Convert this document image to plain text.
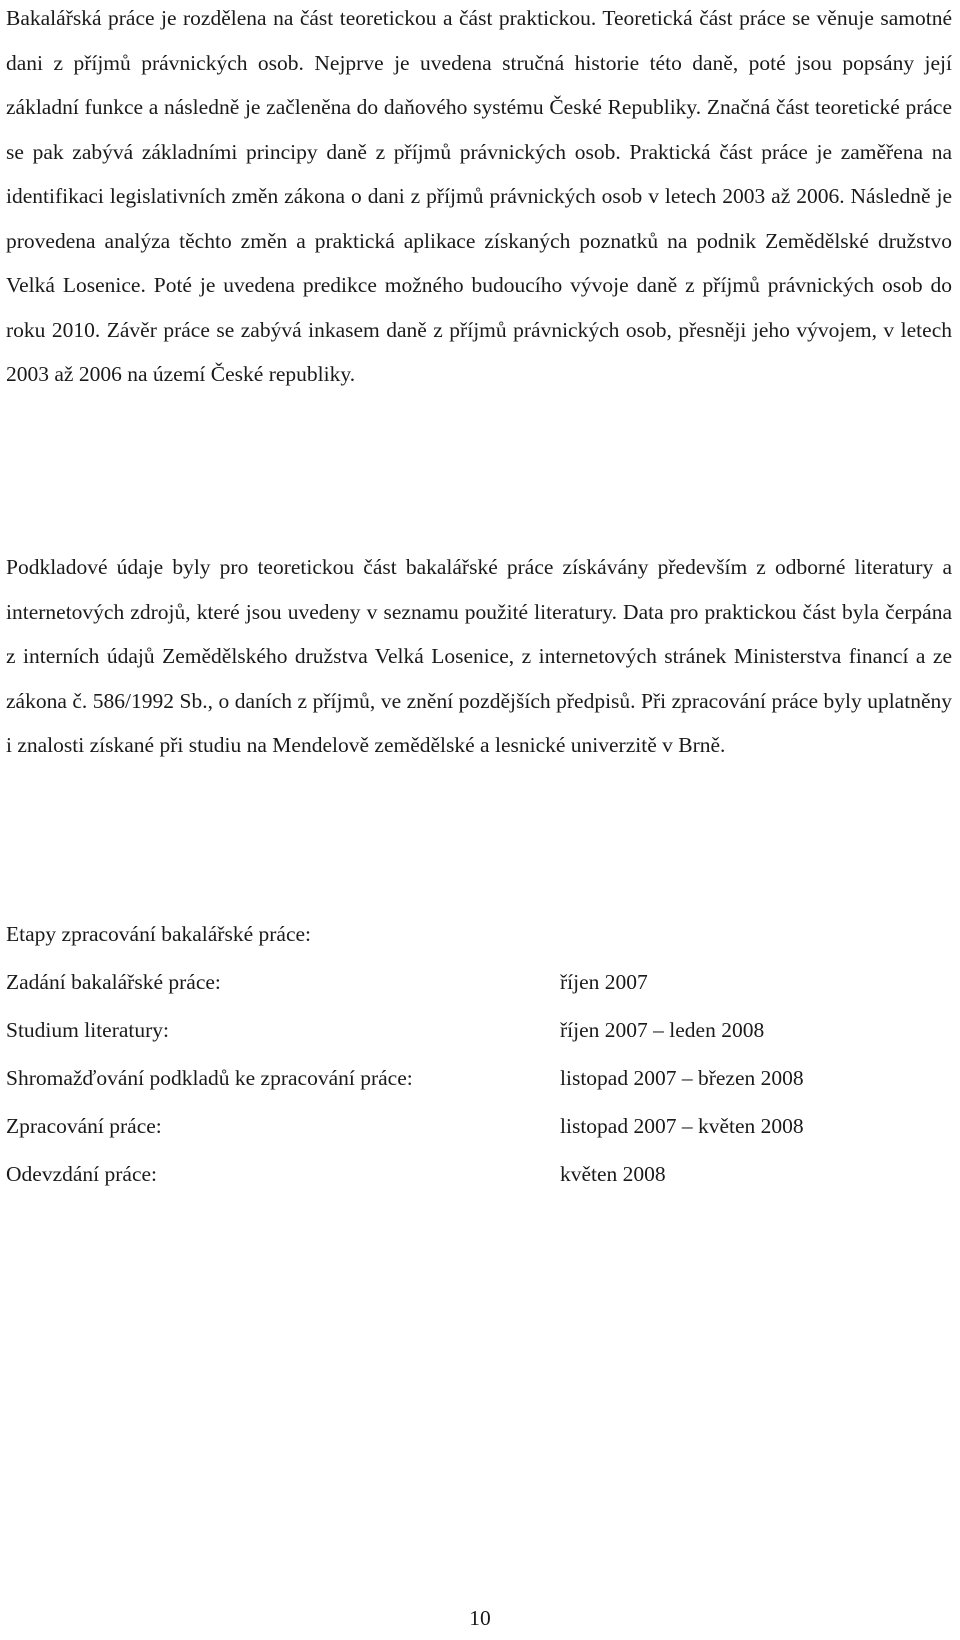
Bakalářská práce je rozdělena na část teoretickou a část praktickou. Teoretická část práce se věnuje samotné dani z příjmů právnických osob. Nejprve je uvedena stručná historie této daně, poté jsou popsány její základní funkce a následně je začleněna do daňového systému České Republiky. Značná část teoretické práce se pak zabývá základními principy daně z příjmů právnických osob. Praktická část práce je zaměřena na identifikaci legislativních změn zákona o dani z příjmů právnických osob v letech 2003 až 2006. Následně je provedena analýza těchto změn a praktická aplikace získaných poznatků na podnik Zemědělské družstvo Velká Losenice. Poté je uvedena predikce možného budoucího vývoje daně z příjmů právnických osob do roku 2010. Závěr práce se zabývá inkasem daně z příjmů právnických osob, přesněji jeho vývojem, v letech 2003 až 2006 na území České republiky.

Podkladové údaje byly pro teoretickou část bakalářské práce získávány především z odborné literatury a internetových zdrojů, které jsou uvedeny v seznamu použité literatury. Data pro praktickou část byla čerpána z interních údajů Zemědělského družstva Velká Losenice, z internetových stránek Ministerstva financí a ze zákona č. 586/1992 Sb., o daních z příjmů, ve znění pozdějších předpisů. Při zpracování práce byly uplatněny i znalosti získané při studiu na Mendelově zemědělské a lesnické univerzitě v Brně.

Etapy zpracování bakalářské práce:
Zadání bakalářské práce:	říjen 2007
Studium literatury:	říjen 2007 – leden 2008
Shromažďování podkladů ke zpracování práce:	listopad 2007 – březen 2008
Zpracování práce:	listopad 2007 – květen 2008
Odevzdání práce:	květen 2008
10
